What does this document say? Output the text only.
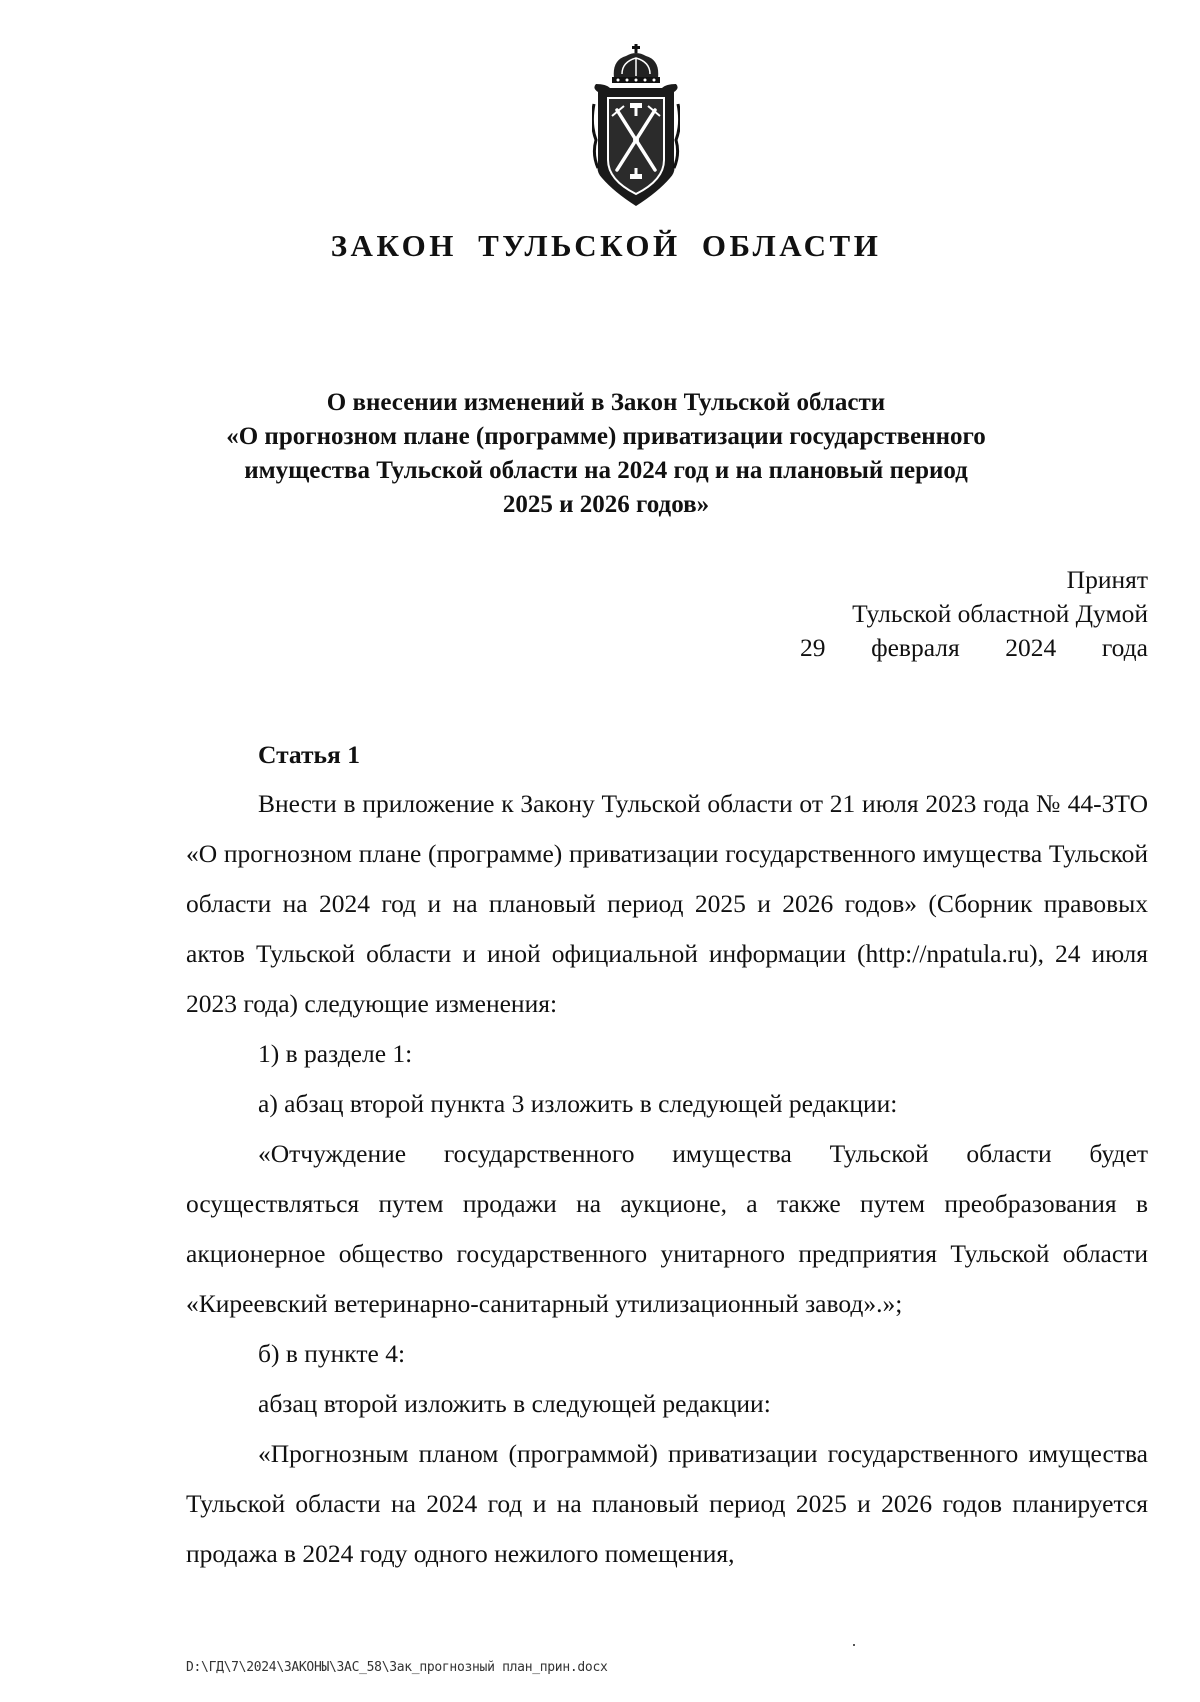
ЗАКОН ТУЛЬСКОЙ ОБЛАСТИ
О внесении изменений в Закон Тульской области
«О прогнозном плане (программе) приватизации государственного
имущества Тульской области на 2024 год и на плановый период
2025 и 2026 годов»
Принят
Тульской областной Думой
29 февраля 2024 года
Статья 1

Внести в приложение к Закону Тульской области от 21 июля 2023 года № 44-ЗТО «О прогнозном плане (программе) приватизации государственного имущества Тульской области на 2024 год и на плановый период 2025 и 2026 годов» (Сборник правовых актов Тульской области и иной официальной информации (http://npatula.ru), 24 июля 2023 года) следующие изменения:

1) в разделе 1:

а) абзац второй пункта 3 изложить в следующей редакции:

«Отчуждение государственного имущества Тульской области будет осуществляться путем продажи на аукционе, а также путем преобразования в акционерное общество государственного унитарного предприятия Тульской области «Киреевский ветеринарно-санитарный утилизационный завод».»;

б) в пункте 4:

абзац второй изложить в следующей редакции:

«Прогнозным планом (программой) приватизации государственного имущества Тульской области на 2024 год и на плановый период 2025 и 2026 годов планируется продажа в 2024 году одного нежилого помещения,

D:\ГД\7\2024\ЗАКОНЫ\ЗАС_58\Зак_прогнозный план_прин.docx
